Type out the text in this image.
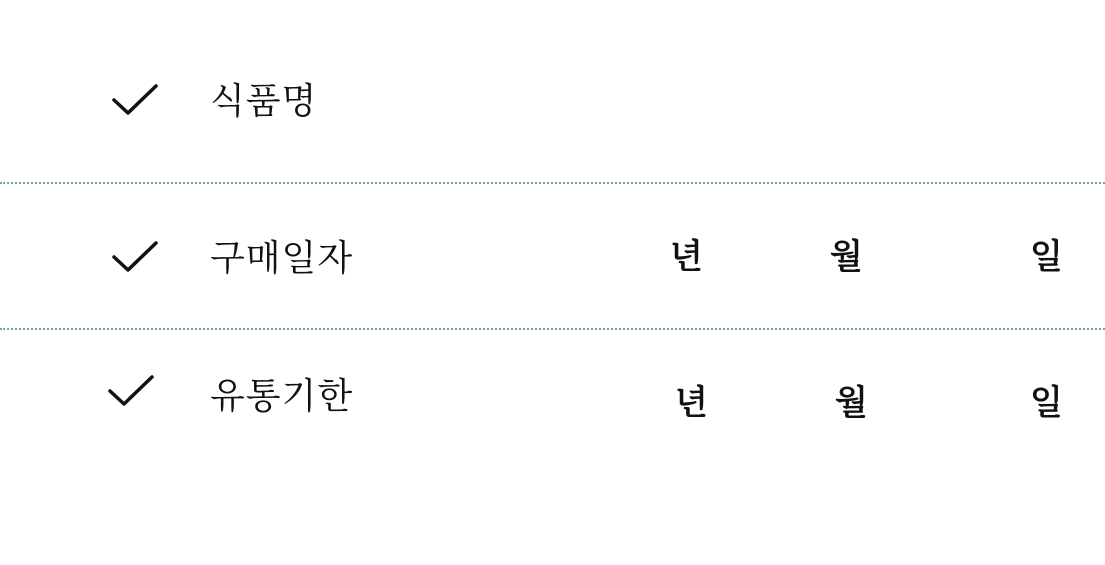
식품명
구매일자	년	월	일
유통기한	년	월	일
